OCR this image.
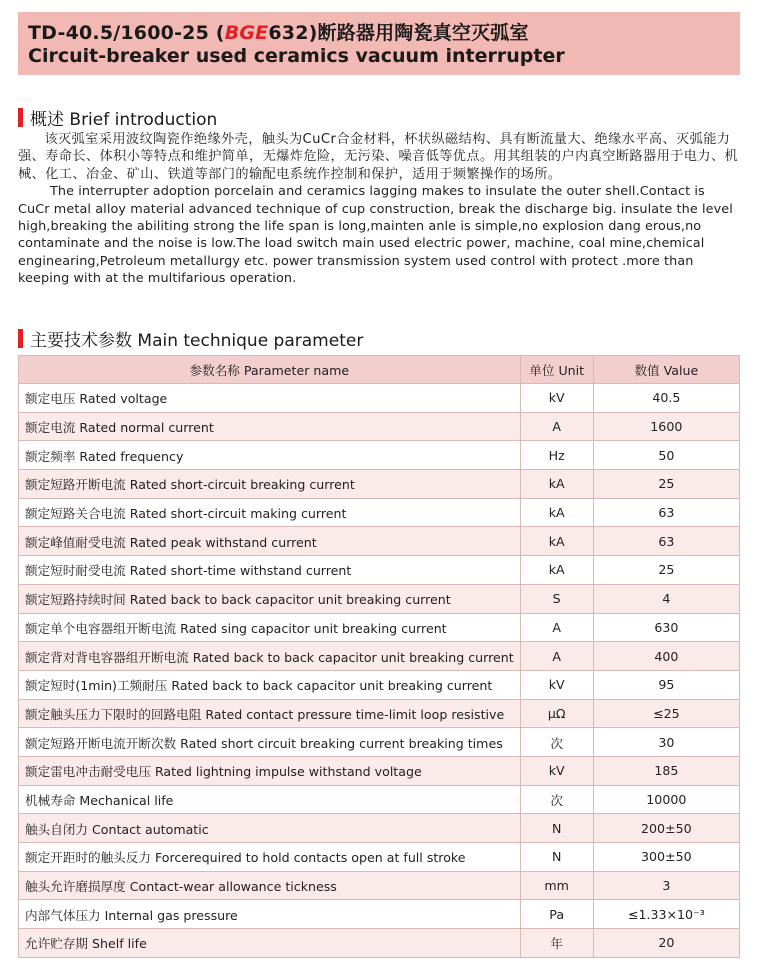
TD-40.5/1600-25 (BGE632)断路器用陶瓷真空灭弧室
Circuit-breaker used ceramics vacuum interrupter
概述 Brief introduction

该灭弧室采用波纹陶瓷作绝缘外壳，触头为CuCr合金材料，杯状纵磁结构、具有断流量大、绝缘水平高、灭弧能力强、寿命长、体积小等特点和维护简单，无爆炸危险，无污染、噪音低等优点。用其组装的户内真空断路器用于电力、机械、化工、冶金、矿山、铁道等部门的输配电系统作控制和保护，适用于频繁操作的场所。

The interrupter adoption porcelain and ceramics lagging makes to insulate the outer shell.Contact is CuCr metal alloy material advanced technique of cup construction, break the discharge big. insulate the level high,breaking the abiliting strong the life span is long,mainten anle is simple,no explosion dang erous,no contaminate and the noise is low.The load switch main used electric power, machine, coal mine,chemical enginearing,Petroleum metallurgy etc. power transmission system used control with protect .more than keeping with at the multifarious operation.

主要技术参数 Main technique parameter
参数名称 Parameter name	单位 Unit	数值 Value
额定电压 Rated voltage	kV	40.5
额定电流 Rated normal current	A	1600
额定频率 Rated frequency	Hz	50
额定短路开断电流 Rated short-circuit breaking current	kA	25
额定短路关合电流 Rated short-circuit making current	kA	63
额定峰值耐受电流 Rated peak withstand current	kA	63
额定短时耐受电流 Rated short-time withstand current	kA	25
额定短路持续时间 Rated back to back capacitor unit breaking current	S	4
额定单个电容器组开断电流 Rated sing capacitor unit breaking current	A	630
额定背对背电容器组开断电流 Rated back to back capacitor unit breaking current	A	400
额定短时(1min)工频耐压 Rated back to back capacitor unit breaking current	kV	95
额定触头压力下限时的回路电阻 Rated contact pressure time-limit loop resistive	μΩ	≤25
额定短路开断电流开断次数 Rated short circuit breaking current breaking times	次	30
额定雷电冲击耐受电压 Rated lightning impulse withstand voltage	kV	185
机械寿命 Mechanical life	次	10000
触头自闭力 Contact automatic	N	200±50
额定开距时的触头反力 Forcerequired to hold contacts open at full stroke	N	300±50
触头允许磨损厚度 Contact-wear allowance tickness	mm	3
内部气体压力 Internal gas pressure	Pa	≤1.33×10⁻³
允许贮存期 Shelf life	年	20
